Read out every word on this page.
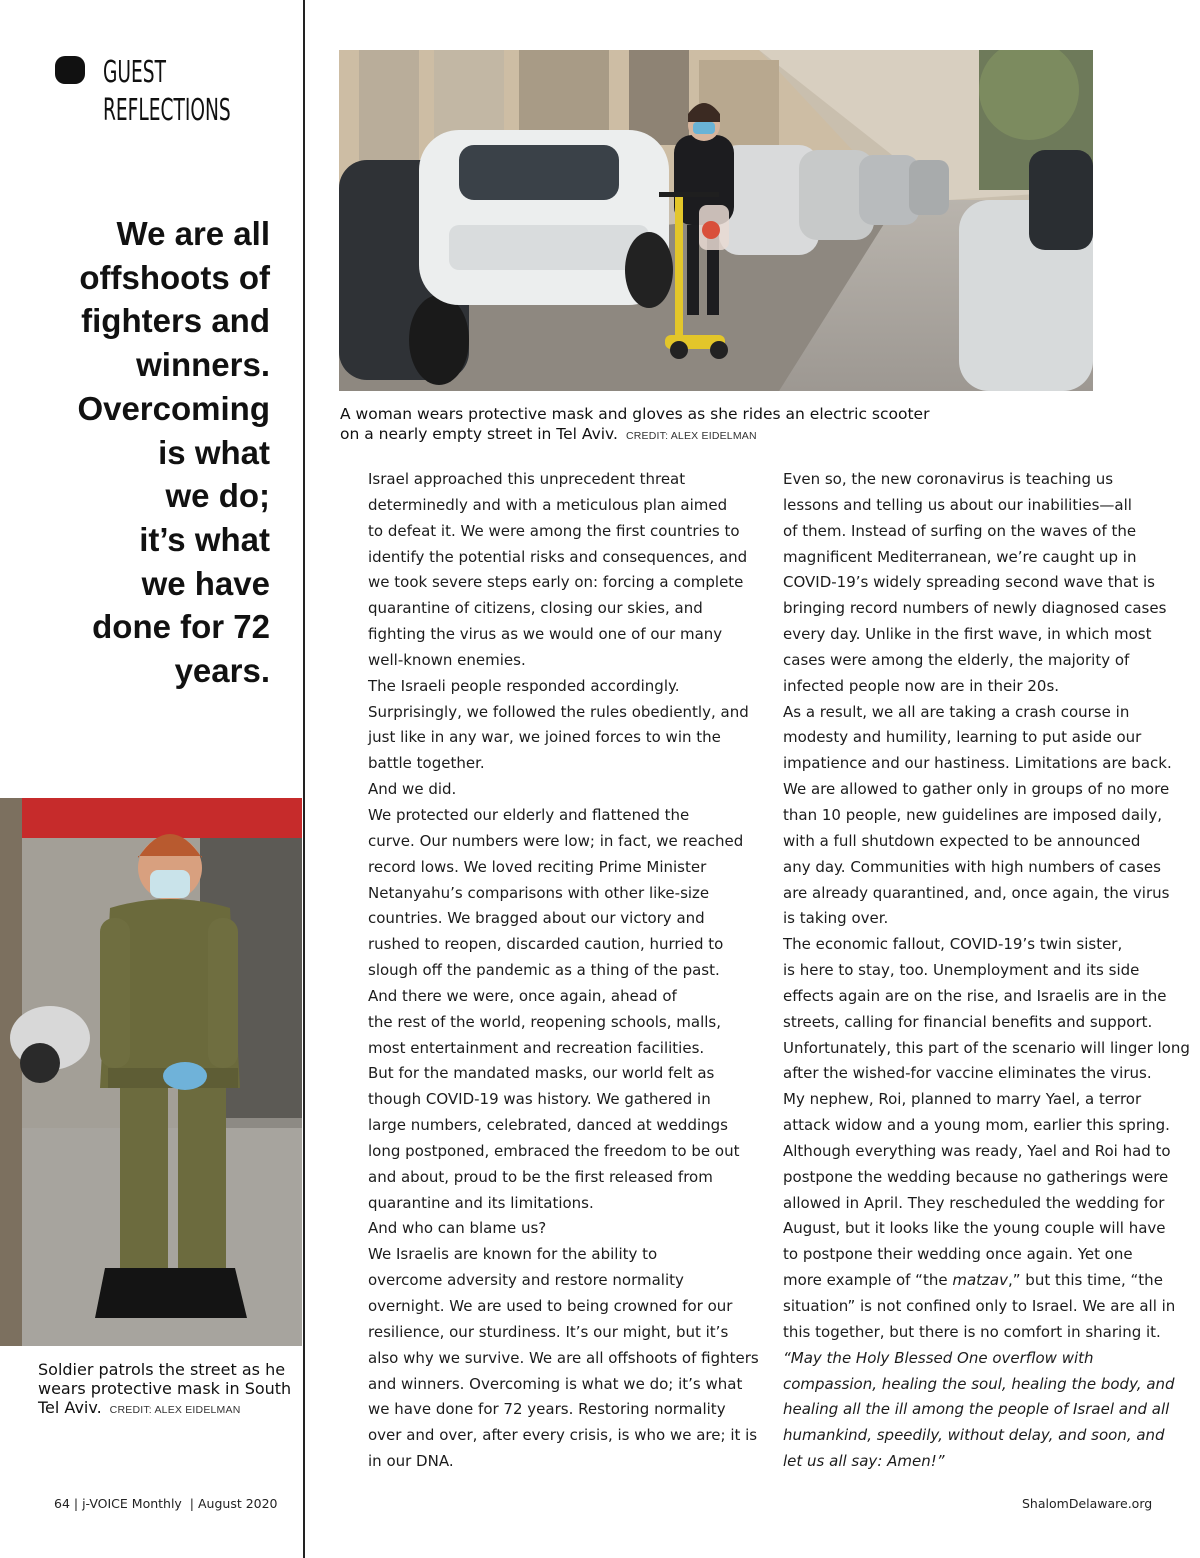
GUEST
REFLECTIONS
We are all
offshoots of
fighters and
winners.
Overcoming
is what
we do;
it’s what
we have
done for 72
years.
A woman wears protective mask and gloves as she rides an electric scooter
on a nearly empty street in Tel Aviv. CREDIT: ALEX EIDELMAN
Soldier patrols the street as he
wears protective mask in South
Tel Aviv. CREDIT: ALEX EIDELMAN

Israel approached this unprecedent threat
determinedly and with a meticulous plan aimed
to defeat it. We were among the first countries to
identify the potential risks and consequences, and
we took severe steps early on: forcing a complete
quarantine of citizens, closing our skies, and
fighting the virus as we would one of our many
well-known enemies.

The Israeli people responded accordingly.
Surprisingly, we followed the rules obediently, and
just like in any war, we joined forces to win the
battle together.

And we did.

We protected our elderly and flattened the
curve. Our numbers were low; in fact, we reached
record lows. We loved reciting Prime Minister
Netanyahu’s comparisons with other like-size
countries. We bragged about our victory and
rushed to reopen, discarded caution, hurried to
slough off the pandemic as a thing of the past.

And there we were, once again, ahead of
the rest of the world, reopening schools, malls,
most entertainment and recreation facilities.
But for the mandated masks, our world felt as
though COVID-19 was history. We gathered in
large numbers, celebrated, danced at weddings
long postponed, embraced the freedom to be out
and about, proud to be the first released from
quarantine and its limitations.

And who can blame us?

We Israelis are known for the ability to
overcome adversity and restore normality
overnight. We are used to being crowned for our
resilience, our sturdiness. It’s our might, but it’s
also why we survive. We are all offshoots of fighters
and winners. Overcoming is what we do; it’s what
we have done for 72 years. Restoring normality
over and over, after every crisis, is who we are; it is
in our DNA.

Even so, the new coronavirus is teaching us
lessons and telling us about our inabilities—all
of them. Instead of surfing on the waves of the
magnificent Mediterranean, we’re caught up in
COVID-19’s widely spreading second wave that is
bringing record numbers of newly diagnosed cases
every day. Unlike in the first wave, in which most
cases were among the elderly, the majority of
infected people now are in their 20s.

As a result, we all are taking a crash course in
modesty and humility, learning to put aside our
impatience and our hastiness. Limitations are back.
We are allowed to gather only in groups of no more
than 10 people, new guidelines are imposed daily,
with a full shutdown expected to be announced
any day. Communities with high numbers of cases
are already quarantined, and, once again, the virus
is taking over.

The economic fallout, COVID-19’s twin sister,
is here to stay, too. Unemployment and its side
effects again are on the rise, and Israelis are in the
streets, calling for financial benefits and support.
Unfortunately, this part of the scenario will linger long
after the wished-for vaccine eliminates the virus.

My nephew, Roi, planned to marry Yael, a terror
attack widow and a young mom, earlier this spring.
Although everything was ready, Yael and Roi had to
postpone the wedding because no gatherings were
allowed in April. They rescheduled the wedding for
August, but it looks like the young couple will have
to postpone their wedding once again. Yet one
more example of “the matzav,” but this time, “the
situation” is not confined only to Israel. We are all in
this together, but there is no comfort in sharing it.

“May the Holy Blessed One overflow with
compassion, healing the soul, healing the body, and
healing all the ill among the people of Israel and all
humankind, speedily, without delay, and soon, and
let us all say: Amen!”

64 | j-VOICE Monthly  | August 2020	ShalomDelaware.org
